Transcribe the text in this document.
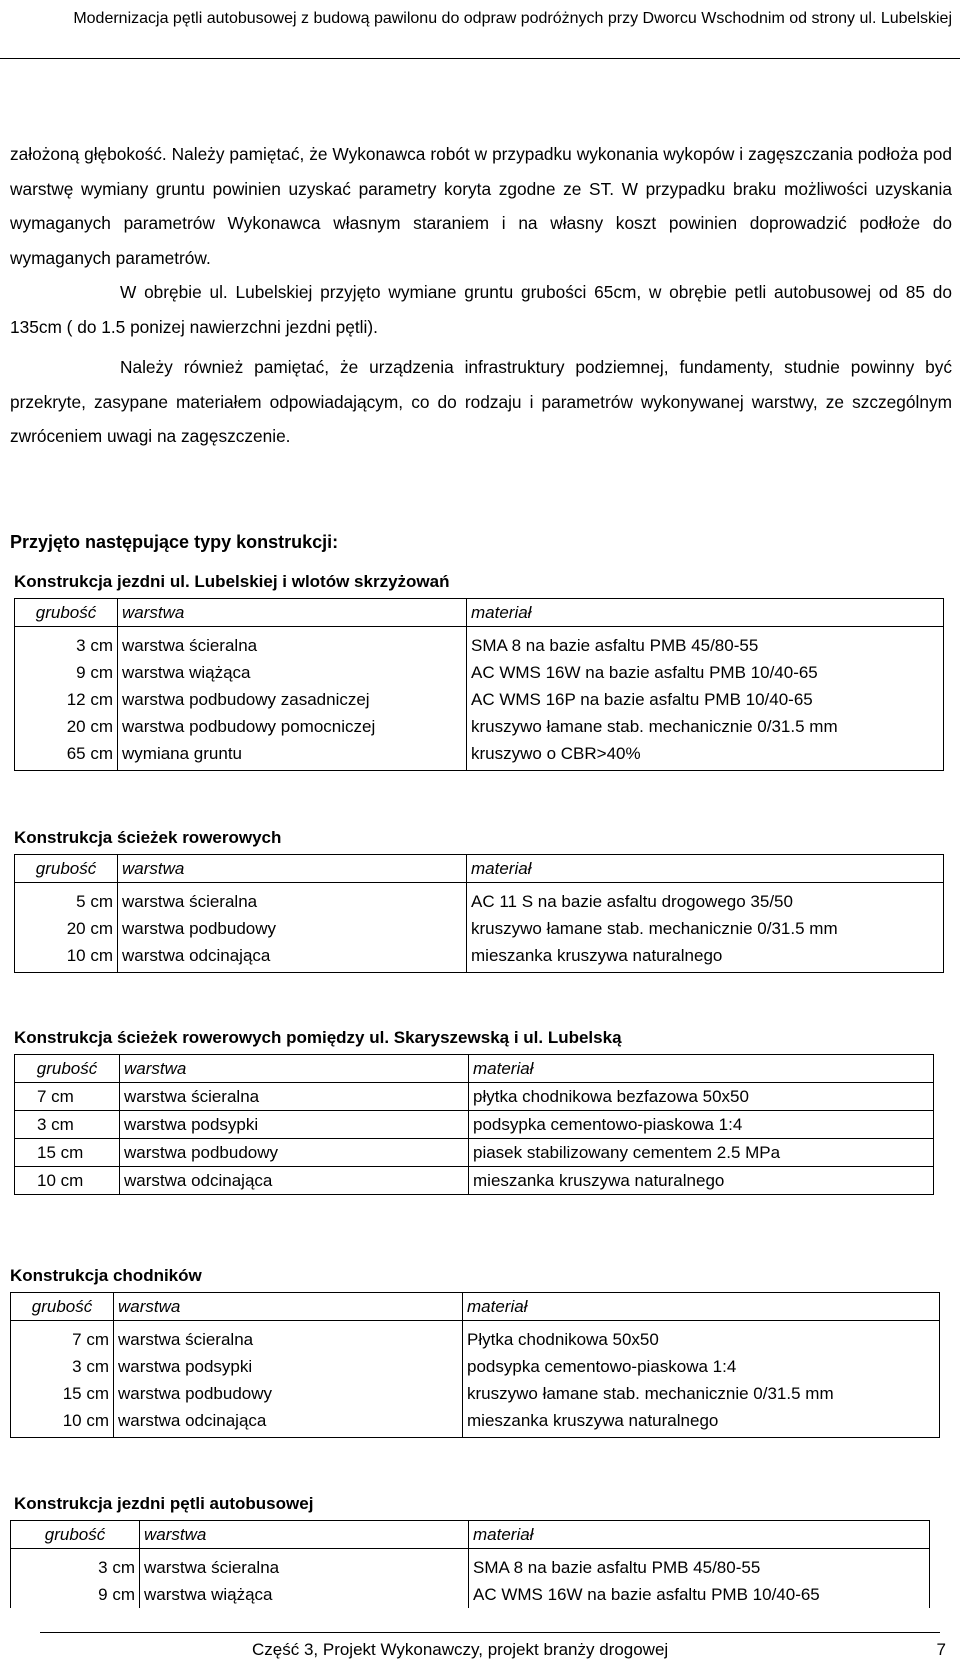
Modernizacja pętli autobusowej z budową pawilonu do odpraw podróżnych przy Dworcu Wschodnim od strony ul. Lubelskiej

założoną głębokość. Należy pamiętać, że Wykonawca robót w przypadku wykonania wykopów i zagęszczania podłoża pod warstwę wymiany gruntu powinien uzyskać parametry koryta zgodne ze ST. W przypadku braku możliwości uzyskania wymaganych parametrów Wykonawca własnym staraniem i na własny koszt powinien doprowadzić podłoże do wymaganych parametrów.

W obrębie ul. Lubelskiej przyjęto wymiane gruntu grubości 65cm, w obrębie petli autobusowej od 85 do 135cm ( do 1.5 ponizej nawierzchni jezdni pętli).

Należy również pamiętać, że urządzenia infrastruktury podziemnej, fundamenty, studnie powinny być przekryte, zasypane materiałem odpowiadającym, co do rodzaju i parametrów wykonywanej warstwy, ze szczególnym zwróceniem uwagi na zagęszczenie.

Przyjęto następujące typy konstrukcji:
Konstrukcja jezdni ul. Lubelskiej i wlotów skrzyżowań
grubość	warstwa	materiał
3 cm	warstwa ścieralna	SMA 8 na bazie asfaltu PMB 45/80-55
9 cm	warstwa wiążąca	AC WMS 16W na bazie asfaltu PMB 10/40-65
12 cm	warstwa podbudowy zasadniczej	AC WMS 16P na bazie asfaltu PMB 10/40-65
20 cm	warstwa podbudowy pomocniczej	kruszywo łamane stab. mechanicznie 0/31.5 mm
65 cm	wymiana gruntu	kruszywo o CBR>40%
Konstrukcja ścieżek rowerowych
grubość	warstwa	materiał
5 cm	warstwa ścieralna	AC 11 S na bazie asfaltu drogowego 35/50
20 cm	warstwa podbudowy	kruszywo łamane stab. mechanicznie 0/31.5 mm
10 cm	warstwa odcinająca	mieszanka kruszywa naturalnego
Konstrukcja ścieżek rowerowych pomiędzy ul. Skaryszewską i ul. Lubelską
grubość	warstwa	materiał
7 cm	warstwa ścieralna	płytka chodnikowa bezfazowa 50x50
3 cm	warstwa podsypki	podsypka cementowo-piaskowa 1:4
15 cm	warstwa podbudowy	piasek stabilizowany cementem 2.5 MPa
10 cm	warstwa odcinająca	mieszanka kruszywa naturalnego
Konstrukcja chodników
grubość	warstwa	materiał
7 cm	warstwa ścieralna	Płytka chodnikowa 50x50
3 cm	warstwa podsypki	podsypka cementowo-piaskowa 1:4
15 cm	warstwa podbudowy	kruszywo łamane stab. mechanicznie 0/31.5 mm
10 cm	warstwa odcinająca	mieszanka kruszywa naturalnego
Konstrukcja jezdni pętli autobusowej
grubość	warstwa	materiał
3 cm	warstwa ścieralna	SMA 8 na bazie asfaltu PMB 45/80-55
9 cm	warstwa wiążąca	AC WMS 16W na bazie asfaltu PMB 10/40-65
Część 3, Projekt Wykonawczy, projekt branży drogowej	7
